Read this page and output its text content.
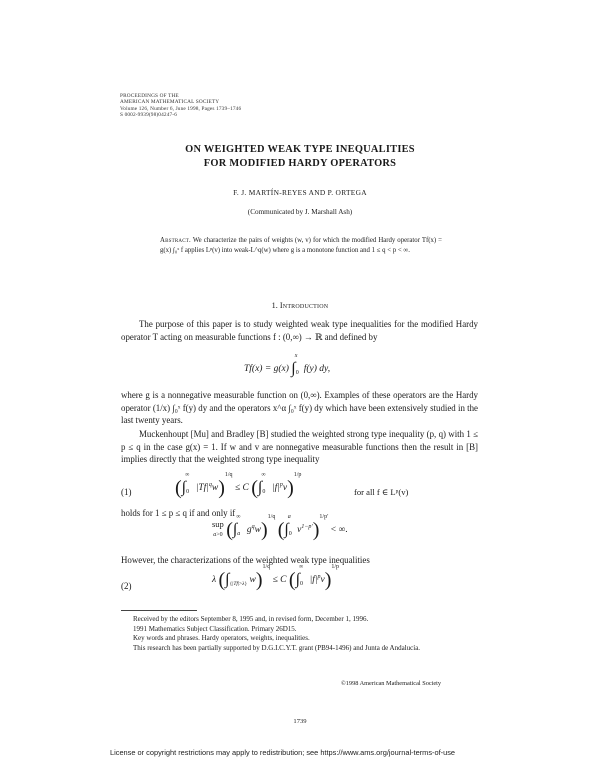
PROCEEDINGS OF THE
AMERICAN MATHEMATICAL SOCIETY
Volume 126, Number 6, June 1998, Pages 1739–1746
S 0002-9939(98)04247-6
ON WEIGHTED WEAK TYPE INEQUALITIES
FOR MODIFIED HARDY OPERATORS
F. J. MARTÍN-REYES AND P. ORTEGA
(Communicated by J. Marshall Ash)
Abstract. We characterize the pairs of weights (w, v) for which the modified Hardy operator Tf(x) = g(x) ∫₀ˣ f applies Lᵖ(v) into weak-L^q(w) where g is a monotone function and 1 ≤ q < p < ∞.
1. Introduction
The purpose of this paper is to study weighted weak type inequalities for the modified Hardy operator T acting on measurable functions f : (0,∞) → ℝ and defined by
Tf(x) = g(x) $\int_0^x$ f(y) dy,
where g is a nonnegative measurable function on (0,∞). Examples of these operators are the Hardy operator (1/x) ∫₀ˣ f(y) dy and the operators x^α ∫₀ˣ f(y) dy which have been extensively studied in the last twenty years.
Muckenhoupt [Mu] and Bradley [B] studied the weighted strong type inequality (p, q) with 1 ≤ p ≤ q in the case g(x) = 1. If w and v are nonnegative measurable functions then the result in [B] implies directly that the weighted strong type inequality
(1) ($\int_0^\infty$ $|Tf|^qw)^{1/q} \le C$ ($\int_0^\infty$ $|f|^pv)^{1/p}$
for all f ∈ Lᵖ(v)
holds for 1 ≤ p ≤ q if and only if
sup
a>0 ($\int_a^\infty$ $g^qw)^{1/q}$ ($\int_0^a$ $v^{1-p'})^{1/p'}$ < ∞.
However, the characterizations of the weighted weak type inequalities
(2)
λ ($\int_{\{|Tf|>\lambda\}}$ w)$^{1/q}$ ≤ C ($\int_0^\infty$ $|f|^pv)^{1/p}$
Received by the editors September 8, 1995 and, in revised form, December 1, 1996.
1991 Mathematics Subject Classification. Primary 26D15.
Key words and phrases. Hardy operators, weights, inequalities.
This research has been partially supported by D.G.I.C.Y.T. grant (PB94-1496) and Junta de Andalucía.
©1998 American Mathematical Society
1739
License or copyright restrictions may apply to redistribution; see https://www.ams.org/journal-terms-of-use
